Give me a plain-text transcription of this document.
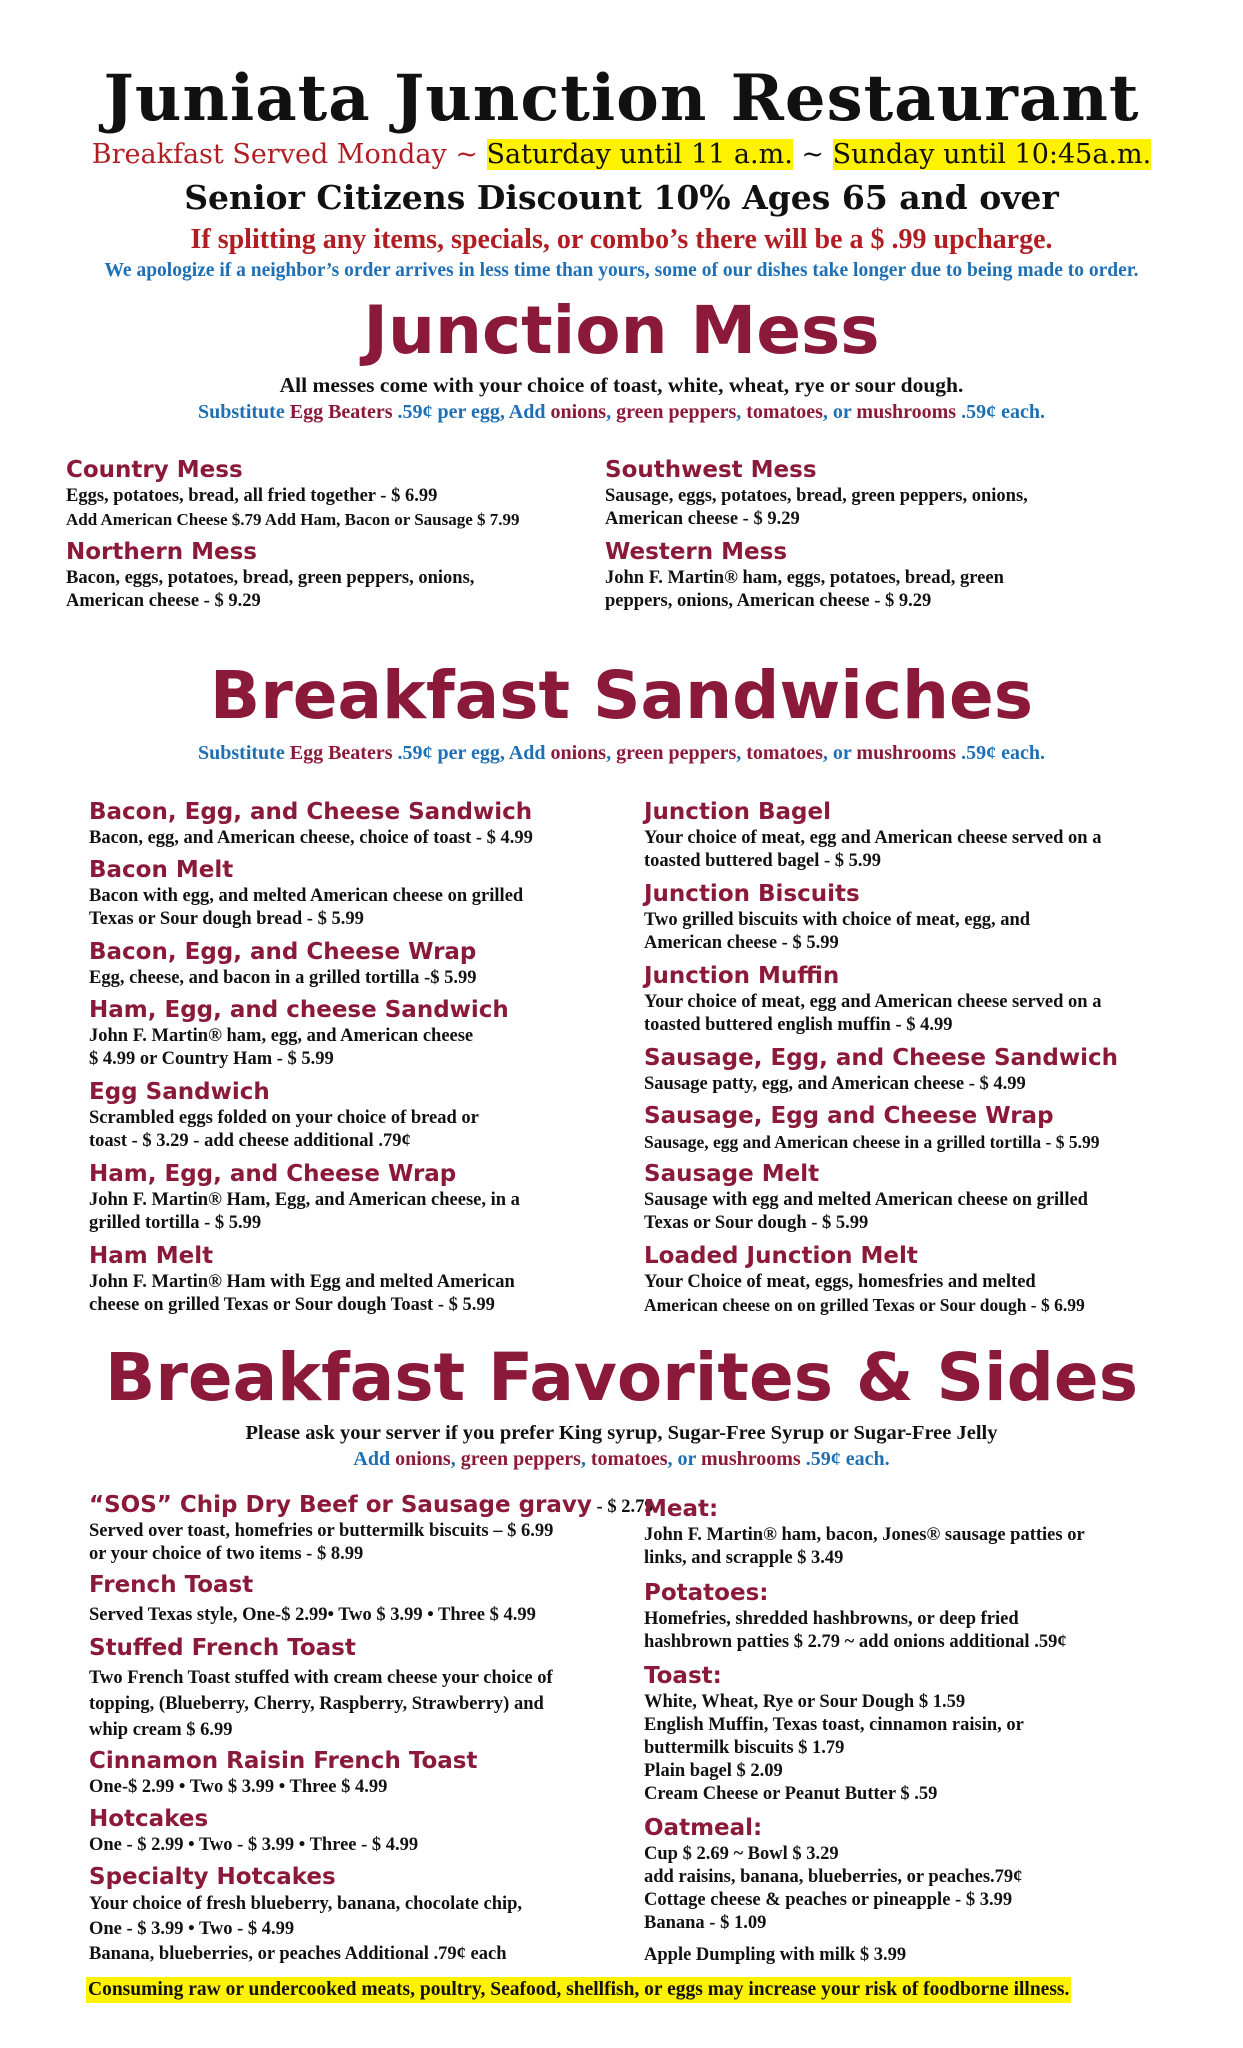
Juniata Junction Restaurant
Breakfast Served Monday ~ Saturday until 11 a.m. ~ Sunday until 10:45a.m.
Senior Citizens Discount 10% Ages 65 and over
If splitting any items, specials, or combo’s there will be a $ .99 upcharge.
We apologize if a neighbor’s order arrives in less time than yours, some of our dishes take longer due to being made to order.
Junction Mess
All messes come with your choice of toast, white, wheat, rye or sour dough.
Substitute Egg Beaters .59¢ per egg, Add onions, green peppers, tomatoes, or mushrooms .59¢ each.
Country Mess
Eggs, potatoes, bread, all fried together - $ 6.99
Add American Cheese $.79 Add Ham, Bacon or Sausage $ 7.99
Northern Mess
Bacon, eggs, potatoes, bread, green peppers, onions,
American cheese - $ 9.29
Southwest Mess
Sausage, eggs, potatoes, bread, green peppers, onions,
American cheese - $ 9.29
Western Mess
John F. Martin® ham, eggs, potatoes, bread, green
peppers, onions, American cheese - $ 9.29
Breakfast Sandwiches
Substitute Egg Beaters .59¢ per egg, Add onions, green peppers, tomatoes, or mushrooms .59¢ each.
Bacon, Egg, and Cheese Sandwich
Bacon, egg, and American cheese, choice of toast - $ 4.99
Bacon Melt
Bacon with egg, and melted American cheese on grilled
Texas or Sour dough bread - $ 5.99
Bacon, Egg, and Cheese Wrap
Egg, cheese, and bacon in a grilled tortilla -$ 5.99
Ham, Egg, and cheese Sandwich
John F. Martin® ham, egg, and American cheese
$ 4.99 or Country Ham - $ 5.99
Egg Sandwich
Scrambled eggs folded on your choice of bread or
toast - $ 3.29 - add cheese additional .79¢
Ham, Egg, and Cheese Wrap
John F. Martin® Ham, Egg, and American cheese, in a
grilled tortilla - $ 5.99
Ham Melt
John F. Martin® Ham with Egg and melted American
cheese on grilled Texas or Sour dough Toast - $ 5.99
Junction Bagel
Your choice of meat, egg and American cheese served on a
toasted buttered bagel - $ 5.99
Junction Biscuits
Two grilled biscuits with choice of meat, egg, and
American cheese - $ 5.99
Junction Muffin
Your choice of meat, egg and American cheese served on a
toasted buttered english muffin - $ 4.99
Sausage, Egg, and Cheese Sandwich
Sausage patty, egg, and American cheese - $ 4.99
Sausage, Egg and Cheese Wrap
Sausage, egg and American cheese in a grilled tortilla - $ 5.99
Sausage Melt
Sausage with egg and melted American cheese on grilled
Texas or Sour dough - $ 5.99
Loaded Junction Melt
Your Choice of meat, eggs, homesfries and melted
American cheese on on grilled Texas or Sour dough - $ 6.99
Breakfast Favorites & Sides
Please ask your server if you prefer King syrup, Sugar-Free Syrup or Sugar-Free Jelly
Add onions, green peppers, tomatoes, or mushrooms .59¢ each.
“SOS” Chip Dry Beef or Sausage gravy - $ 2.79
Served over toast, homefries or buttermilk biscuits – $ 6.99
or your choice of two items - $ 8.99
French Toast
Served Texas style, One-$ 2.99• Two $ 3.99 • Three $ 4.99
Stuffed French Toast
Two French Toast stuffed with cream cheese your choice of
topping, (Blueberry, Cherry, Raspberry, Strawberry) and
whip cream $ 6.99
Cinnamon Raisin French Toast
One-$ 2.99 • Two $ 3.99 • Three $ 4.99
Hotcakes
One - $ 2.99 • Two - $ 3.99 • Three - $ 4.99
Specialty Hotcakes
Your choice of fresh blueberry, banana, chocolate chip,
One - $ 3.99 • Two - $ 4.99
Banana, blueberries, or peaches Additional .79¢ each
Meat:
John F. Martin® ham, bacon, Jones® sausage patties or
links, and scrapple $ 3.49
Potatoes:
Homefries, shredded hashbrowns, or deep fried
hashbrown patties $ 2.79 ~ add onions additional .59¢
Toast:
White, Wheat, Rye or Sour Dough $ 1.59
English Muffin, Texas toast, cinnamon raisin, or
buttermilk biscuits $ 1.79
Plain bagel $ 2.09
Cream Cheese or Peanut Butter $ .59
Oatmeal:
Cup $ 2.69 ~ Bowl $ 3.29
add raisins, banana, blueberries, or peaches.79¢
Cottage cheese & peaches or pineapple - $ 3.99
Banana - $ 1.09
Apple Dumpling with milk $ 3.99
Consuming raw or undercooked meats, poultry, Seafood, shellfish, or eggs may increase your risk of foodborne illness.
